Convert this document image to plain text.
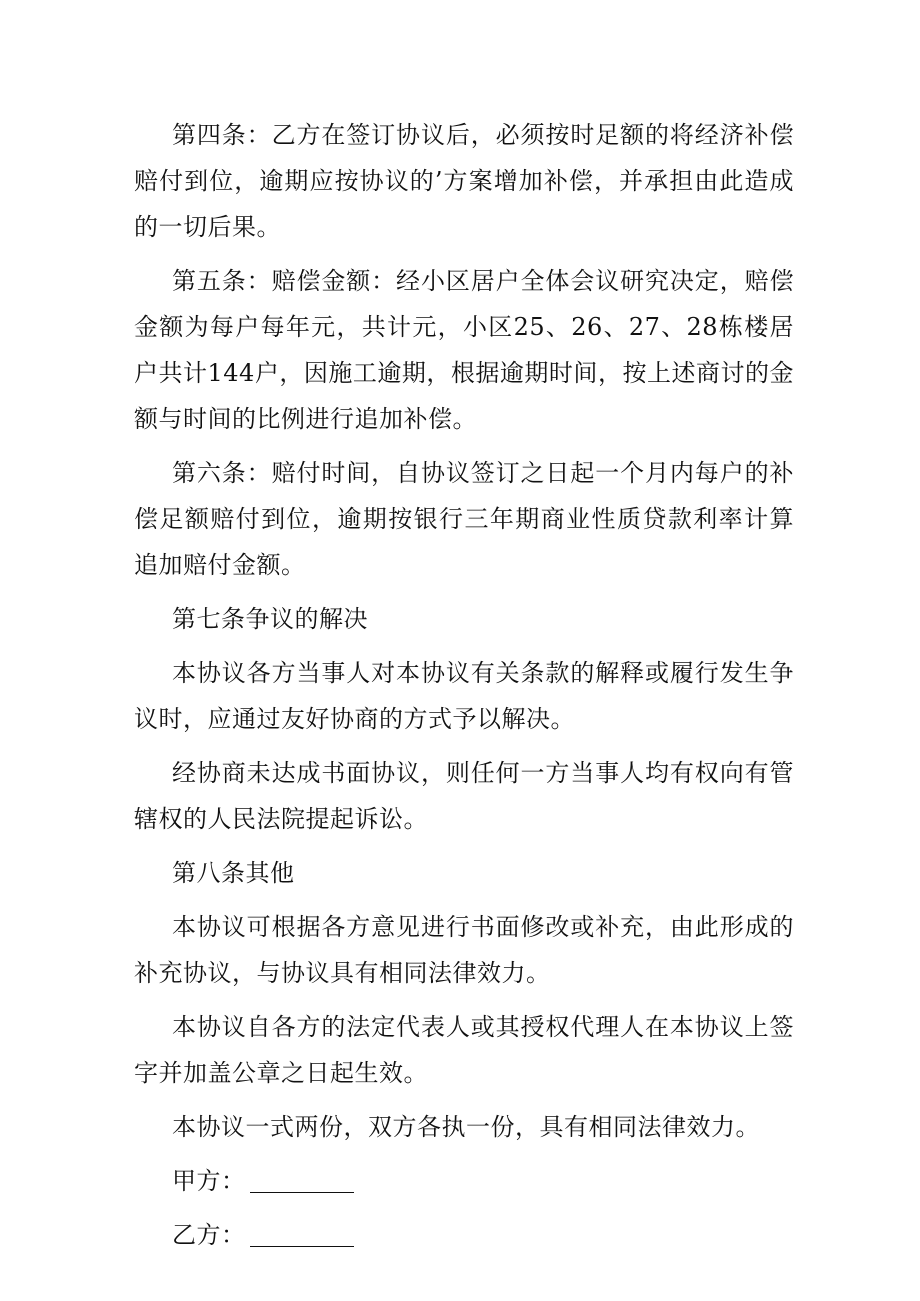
第四条：乙方在签订协议后，必须按时足额的将经济补偿赔付到位，逾期应按协议的’方案增加补偿，并承担由此造成的一切后果。

第五条：赔偿金额：经小区居户全体会议研究决定，赔偿金额为每户每年元，共计元，小区25、26、27、28栋楼居户共计144户，因施工逾期，根据逾期时间，按上述商讨的金额与时间的比例进行追加补偿。

第六条：赔付时间，自协议签订之日起一个月内每户的补偿足额赔付到位，逾期按银行三年期商业性质贷款利率计算追加赔付金额。

第七条争议的解决

本协议各方当事人对本协议有关条款的解释或履行发生争议时，应通过友好协商的方式予以解决。

经协商未达成书面协议，则任何一方当事人均有权向有管辖权的人民法院提起诉讼。

第八条其他

本协议可根据各方意见进行书面修改或补充，由此形成的补充协议，与协议具有相同法律效力。

本协议自各方的法定代表人或其授权代理人在本协议上签字并加盖公章之日起生效。

本协议一式两份，双方各执一份，具有相同法律效力。

甲方：
乙方：
